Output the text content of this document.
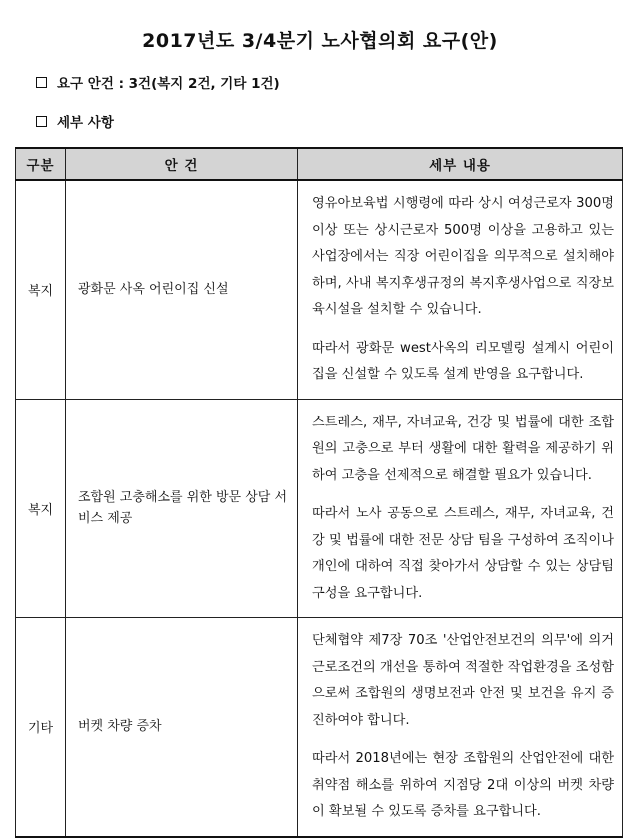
2017년도 3/4분기 노사협의회 요구(안)
요구 안건 : 3건(복지 2건, 기타 1건)
세부 사항
구분	안 건	세부 내용
복지	광화문 사옥 어린이집 신설	영유아보육법 시행령에 따라 상시 여성근로자 300명 이상 또는 상시근로자 500명 이상을 고용하고 있는 사업장에서는 직장 어린이집을 의무적으로 설치해야 하며, 사내 복지후생규정의 복지후생사업으로 직장보육시설을 설치할 수 있습니다.
따라서 광화문 west사옥의 리모델링 설계시 어린이집을 신설할 수 있도록 설계 반영을 요구합니다.

복지	조합원 고충해소를 위한 방문 상담 서비스 제공	스트레스, 재무, 자녀교육, 건강 및 법률에 대한 조합원의 고충으로 부터 생활에 대한 활력을 제공하기 위하여 고충을 선제적으로 해결할 필요가 있습니다.
따라서 노사 공동으로 스트레스, 재무, 자녀교육, 건강 및 법률에 대한 전문 상담 팀을 구성하여 조직이나 개인에 대하여 직접 찾아가서 상담할 수 있는 상담팀 구성을 요구합니다.

기타	버켓 차량 증차	단체협약 제7장 70조 '산업안전보건의 의무'에 의거 근로조건의 개선을 통하여 적절한 작업환경을 조성함으로써 조합원의 생명보전과 안전 및 보건을 유지 증진하여야 합니다.
따라서 2018년에는 현장 조합원의 산업안전에 대한 취약점 해소를 위하여 지점당 2대 이상의 버켓 차량이 확보될 수 있도록 증차를 요구합니다.
